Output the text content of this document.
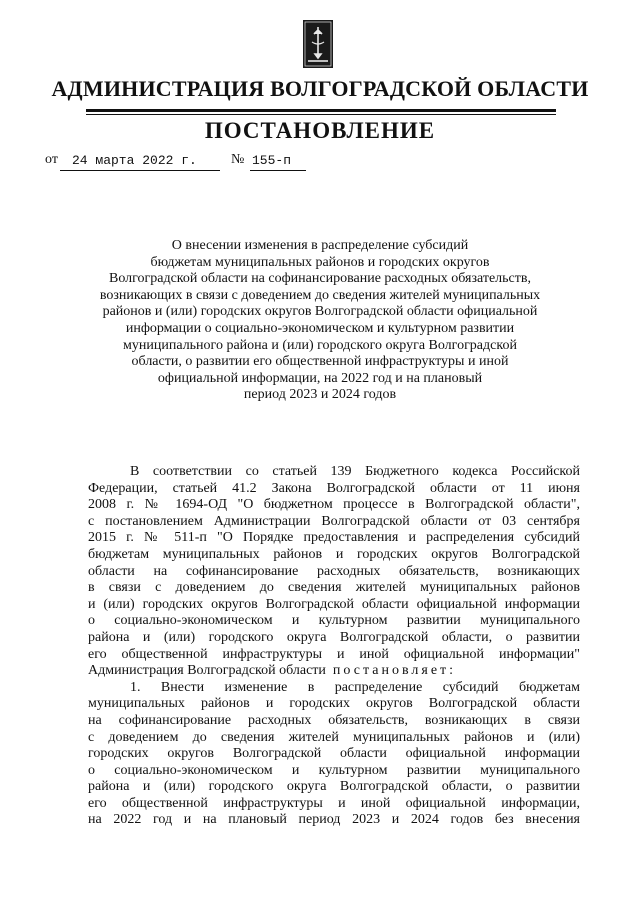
АДМИНИСТРАЦИЯ ВОЛГОГРАДСКОЙ ОБЛАСТИ
ПОСТАНОВЛЕНИЕ
от 24 марта 2022 г. № 155-п
О внесении изменения в распределение субсидий
бюджетам муниципальных районов и городских округов
Волгоградской области на софинансирование расходных обязательств,
возникающих в связи с доведением до сведения жителей муниципальных
районов и (или) городских округов Волгоградской области официальной
информации о социально-экономическом и культурном развитии
муниципального района и (или) городского округа Волгоградской
области, о развитии его общественной инфраструктуры и иной
официальной информации, на 2022 год и на плановый
период 2023 и 2024 годов
В соответствии со статьей 139 Бюджетного кодекса Российской
Федерации, статьей 41.2 Закона Волгоградской области от 11 июня
2008 г. № 1694-ОД "О бюджетном процессе в Волгоградской области",
с постановлением Администрации Волгоградской области от 03 сентября
2015 г. № 511-п "О Порядке предоставления и распределения субсидий
бюджетам муниципальных районов и городских округов Волгоградской
области на софинансирование расходных обязательств, возникающих
в связи с доведением до сведения жителей муниципальных районов
и (или) городских округов Волгоградской области официальной информации
о социально-экономическом и культурном развитии муниципального
района и (или) городского округа Волгоградской области, о развитии
его общественной инфраструктуры и иной официальной информации"
Администрация Волгоградской области постановляет:
1. Внести изменение в распределение субсидий бюджетам
муниципальных районов и городских округов Волгоградской области
на софинансирование расходных обязательств, возникающих в связи
с доведением до сведения жителей муниципальных районов и (или)
городских округов Волгоградской области официальной информации
о социально-экономическом и культурном развитии муниципального
района и (или) городского округа Волгоградской области, о развитии
его общественной инфраструктуры и иной официальной информации,
на 2022 год и на плановый период 2023 и 2024 годов без внесения
